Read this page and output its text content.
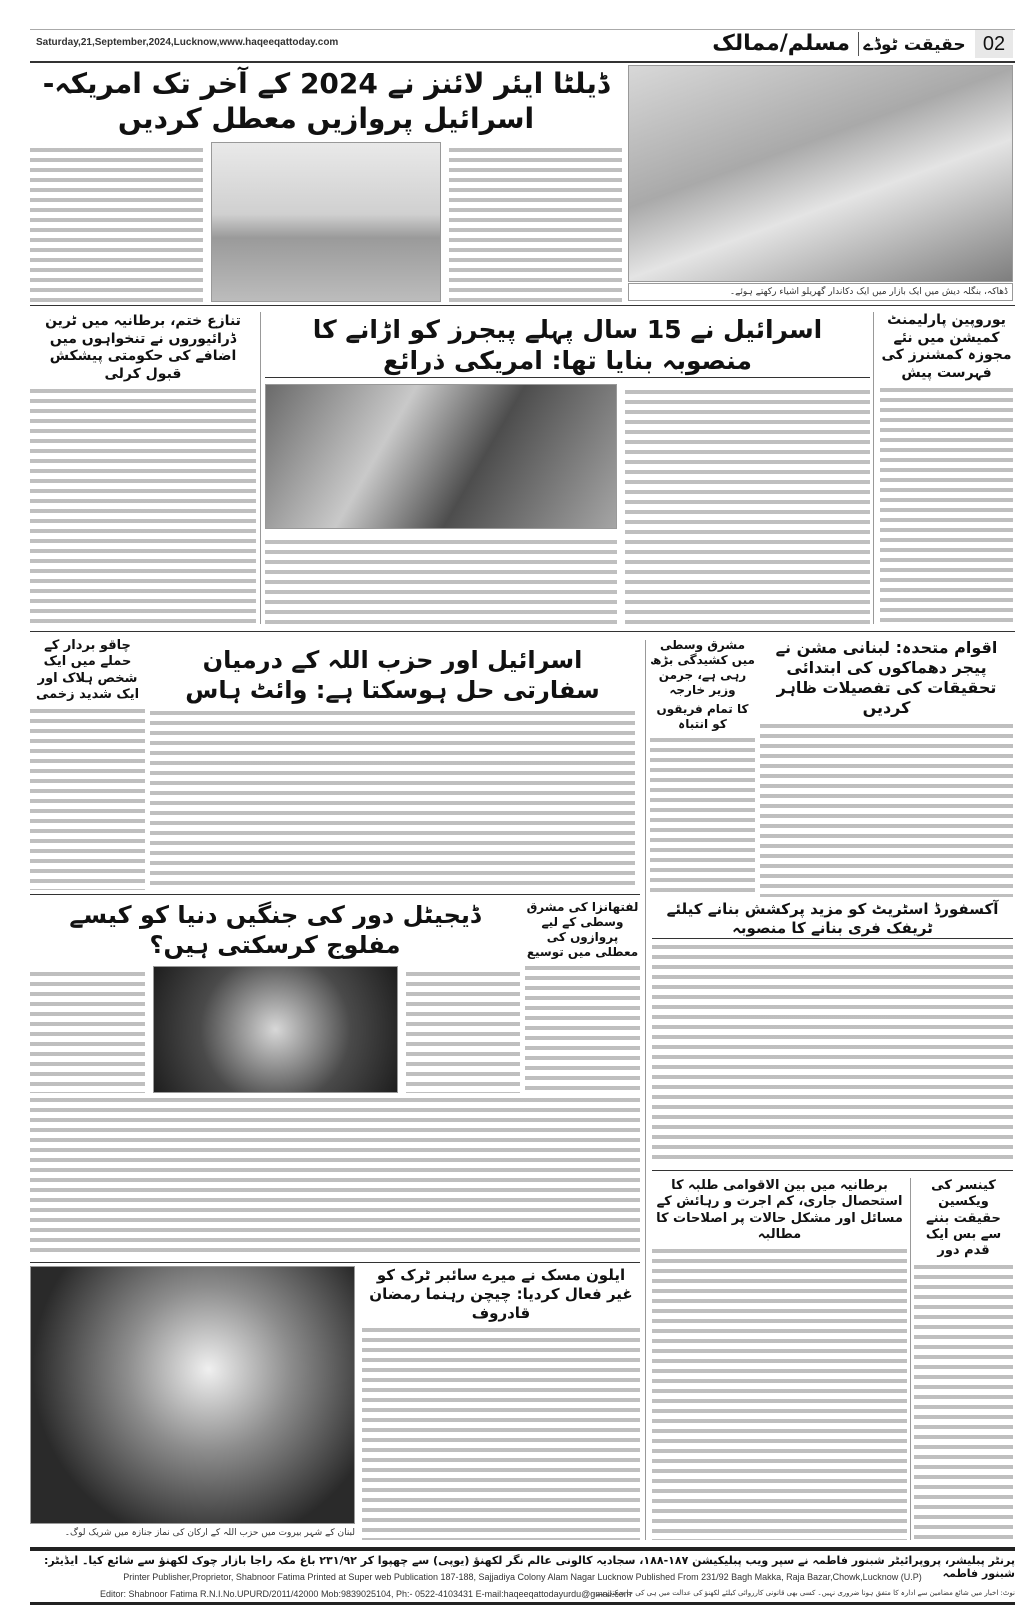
Saturday,21,September,2024,Lucknow,www.haqeeqattoday.com	مسلم/ممالک حقیقت ٹوڈے 02
ڈھاکہ، بنگلہ دیش میں ایک بازار میں ایک دکاندار گھریلو اشیاء رکھتے ہوئے۔
ڈیلٹا ایئر لائنز نے 2024 کے آخر تک امریکہ-اسرائیل پروازیں معطل کردیں
یوروپین پارلیمنٹ کمیشن میں نئے مجوزہ کمشنرز کی فہرست پیش
اسرائیل نے 15 سال پہلے پیجرز کو اڑانے کا منصوبہ بنایا تھا: امریکی ذرائع
تنازع ختم، برطانیہ میں ٹرین ڈرائیوروں نے تنخواہوں میں اضافے کی حکومتی پیشکش قبول کرلی
اقوام متحدہ: لبنانی مشن نے پیجر دھماکوں کی ابتدائی تحقیقات کی تفصیلات ظاہر کردیں
مشرق وسطی میں کشیدگی بڑھ رہی ہے، جرمن وزیر خارجہ
کا تمام فریقوں کو انتباہ
اسرائیل اور حزب اللہ کے درمیان سفارتی حل ہوسکتا ہے: وائٹ ہاس
چاقو بردار کے حملے میں ایک شخص ہلاک اور ایک شدید زخمی
آکسفورڈ اسٹریٹ کو مزید پرکشش بنانے کیلئے ٹریفک فری بنانے کا منصوبہ
ڈیجیٹل دور کی جنگیں دنیا کو کیسے مفلوج کرسکتی ہیں؟
لفتھانزا کی مشرق وسطی کے لیے پروازوں کی معطلی میں توسیع
برطانیہ میں بین الاقوامی طلبہ کا استحصال جاری، کم اجرت و رہائش کے مسائل اور مشکل حالات پر اصلاحات کا مطالبہ
کینسر کی ویکسین حقیقت بننے سے بس ایک قدم دور
لبنان کے شہر بیروت میں حزب اللہ کے ارکان کی نماز جنازہ میں شریک لوگ۔
ایلون مسک نے میرے سائبر ٹرک کو غیر فعال کردیا: چیچن رہنما رمضان قادروف
پرنٹر پبلیشر، پروپرائیٹر شبنور فاطمہ نے سپر ویب پبلیکیشن ۱۸۷-۱۸۸، سجادیہ کالونی عالم نگر لکھنؤ (یوپی) سے چھپوا کر ۲۳۱/۹۲ باغ مکہ راجا بازار چوک لکھنؤ سے شائع کیا۔ ایڈیٹر: شبنور فاطمہ
Printer Publisher,Proprietor, Shabnoor Fatima Printed at Super web Publication 187-188, Sajjadiya Colony Alam Nagar Lucknow Published From 231/92 Bagh Makka, Raja Bazar,Chowk,Lucknow (U.P)
Editor: Shabnoor Fatima R.N.I.No.UPURD/2011/42000 Mob:9839025104, Ph:- 0522-4103431 E-mail:haqeeqattodayurdu@gmail.com
نوٹ: اخبار میں شائع مضامین سے ادارہ کا متفق ہونا ضروری نہیں۔ کسی بھی قانونی کارروائی کیلئے لکھنؤ کی عدالت میں ہی کی جا سکتی ہے۔
